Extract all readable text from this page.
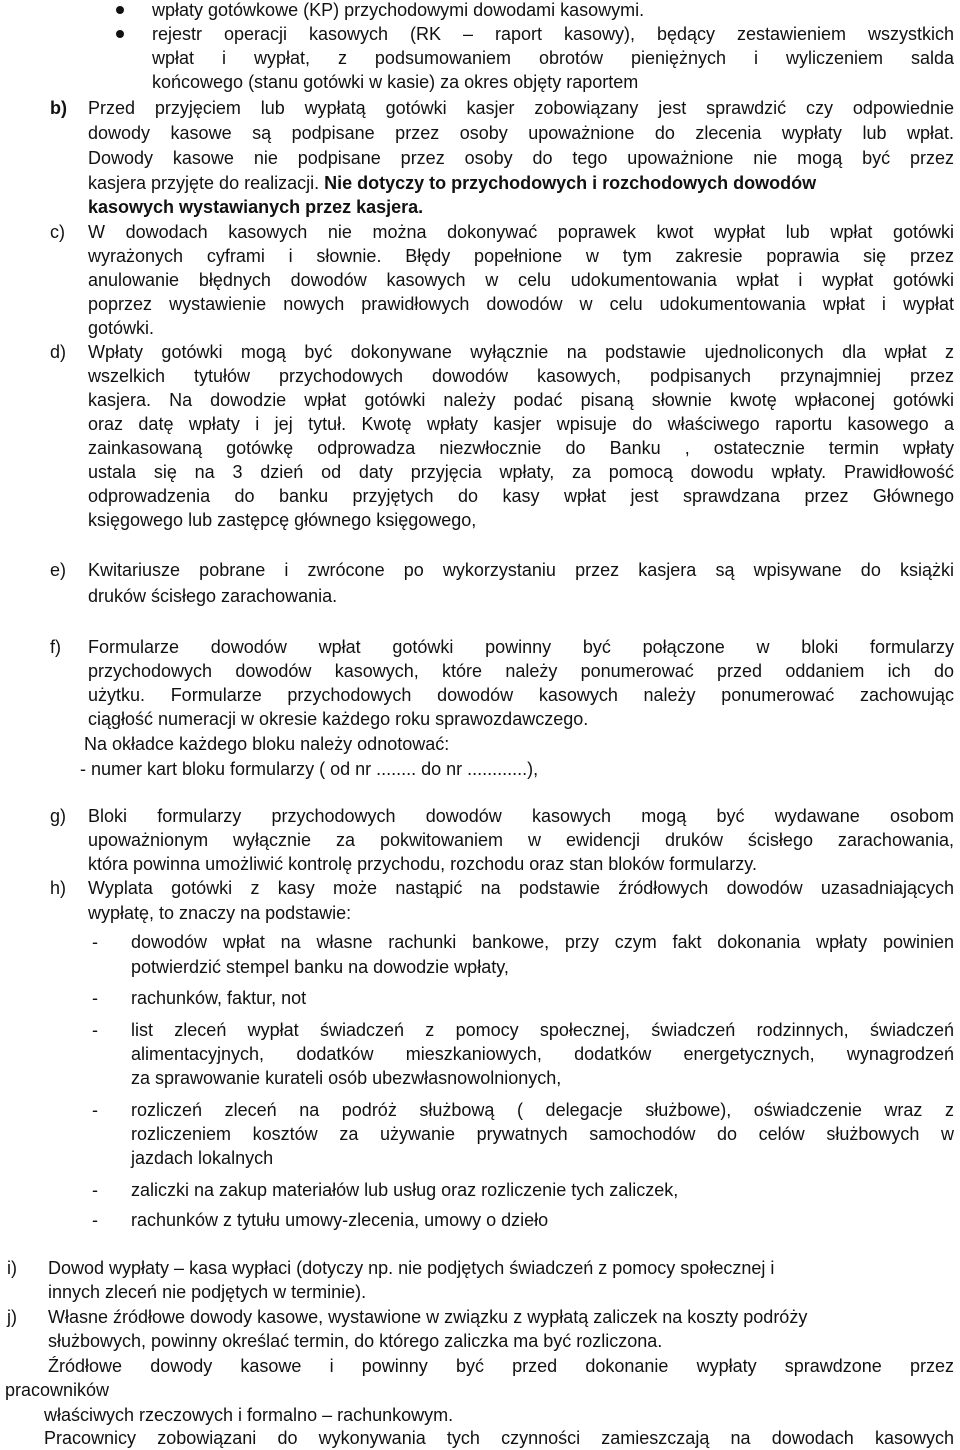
wpłaty gotówkowe (KP) przychodowymi dowodami kasowymi.
rejestr operacji kasowych (RK – raport kasowy), będący zestawieniem wszystkich
wpłat i wypłat, z podsumowaniem obrotów pieniężnych i wyliczeniem salda
końcowego (stanu gotówki w kasie) za okres objęty raportem
b) Przed przyjęciem lub wypłatą gotówki kasjer zobowiązany jest sprawdzić czy odpowiednie
dowody kasowe są podpisane przez osoby upoważnione do zlecenia wypłaty lub wpłat.
Dowody kasowe nie podpisane przez osoby do tego upoważnione nie mogą być przez
kasjera przyjęte do realizacji. Nie dotyczy to przychodowych i rozchodowych dowodów
kasowych wystawianych przez kasjera.
c) W dowodach kasowych nie można dokonywać poprawek kwot wypłat lub wpłat gotówki
wyrażonych cyframi i słownie. Błędy popełnione w tym zakresie poprawia się przez
anulowanie błędnych dowodów kasowych w celu udokumentowania wpłat i wypłat gotówki
poprzez wystawienie nowych prawidłowych dowodów w celu udokumentowania wpłat i wypłat
gotówki.
d) Wpłaty gotówki mogą być dokonywane wyłącznie na podstawie ujednoliconych dla wpłat z
wszelkich tytułów przychodowych dowodów kasowych, podpisanych przynajmniej przez
kasjera. Na dowodzie wpłat gotówki należy podać pisaną słownie kwotę wpłaconej gotówki
oraz datę wpłaty i jej tytuł. Kwotę wpłaty kasjer wpisuje do właściwego raportu kasowego a
zainkasowaną gotówkę odprowadza niezwłocznie do Banku , ostatecznie termin wpłaty
ustala się na 3 dzień od daty przyjęcia wpłaty, za pomocą dowodu wpłaty. Prawidłowość
odprowadzenia do banku przyjętych do kasy wpłat jest sprawdzana przez Głównego
księgowego lub zastępcę głównego księgowego,
e) Kwitariusze pobrane i zwrócone po wykorzystaniu przez kasjera są wpisywane do książki
druków ścisłego zarachowania.
f) Formularze dowodów wpłat gotówki powinny być połączone w bloki formularzy
przychodowych dowodów kasowych, które należy ponumerować przed oddaniem ich do
użytku. Formularze przychodowych dowodów kasowych należy ponumerować zachowując
ciągłość numeracji w okresie każdego roku sprawozdawczego.
Na okładce każdego bloku należy odnotować:
- numer kart bloku formularzy ( od nr ........ do nr ............),
g) Bloki formularzy przychodowych dowodów kasowych mogą być wydawane osobom
upoważnionym wyłącznie za pokwitowaniem w ewidencji druków ścisłego zarachowania,
która powinna umożliwić kontrolę przychodu, rozchodu oraz stan bloków formularzy.
h) Wyplata gotówki z kasy może nastąpić na podstawie źródłowych dowodów uzasadniających
wypłatę, to znaczy na podstawie:
- dowodów wpłat na własne rachunki bankowe, przy czym fakt dokonania wpłaty powinien
potwierdzić stempel banku na dowodzie wpłaty,
- rachunków, faktur, not
- list zleceń wypłat świadczeń z pomocy społecznej, świadczeń rodzinnych, świadczeń
alimentacyjnych, dodatków mieszkaniowych, dodatków energetycznych, wynagrodzeń
za sprawowanie kurateli osób ubezwłasnowolnionych,
- rozliczeń zleceń na podróż służbową ( delegacje służbowe), oświadczenie wraz z
rozliczeniem kosztów za używanie prywatnych samochodów do celów służbowych w
jazdach lokalnych
- zaliczki na zakup materiałów lub usług oraz rozliczenie tych zaliczek,
- rachunków z tytułu umowy-zlecenia, umowy o dzieło
i) Dowod wypłaty – kasa wypłaci (dotyczy np. nie podjętych świadczeń z pomocy społecznej i
innych zleceń nie podjętych w terminie).
j) Własne źródłowe dowody kasowe, wystawione w związku z wypłatą zaliczek na koszty podróży
służbowych, powinny określać termin, do którego zaliczka ma być rozliczona.
Źródłowe dowody kasowe i powinny być przed dokonanie wypłaty sprawdzone przez
pracowników
właściwych rzeczowych i formalno – rachunkowym.
Pracownicy zobowiązani do wykonywania tych czynności zamieszczają na dowodach kasowych
